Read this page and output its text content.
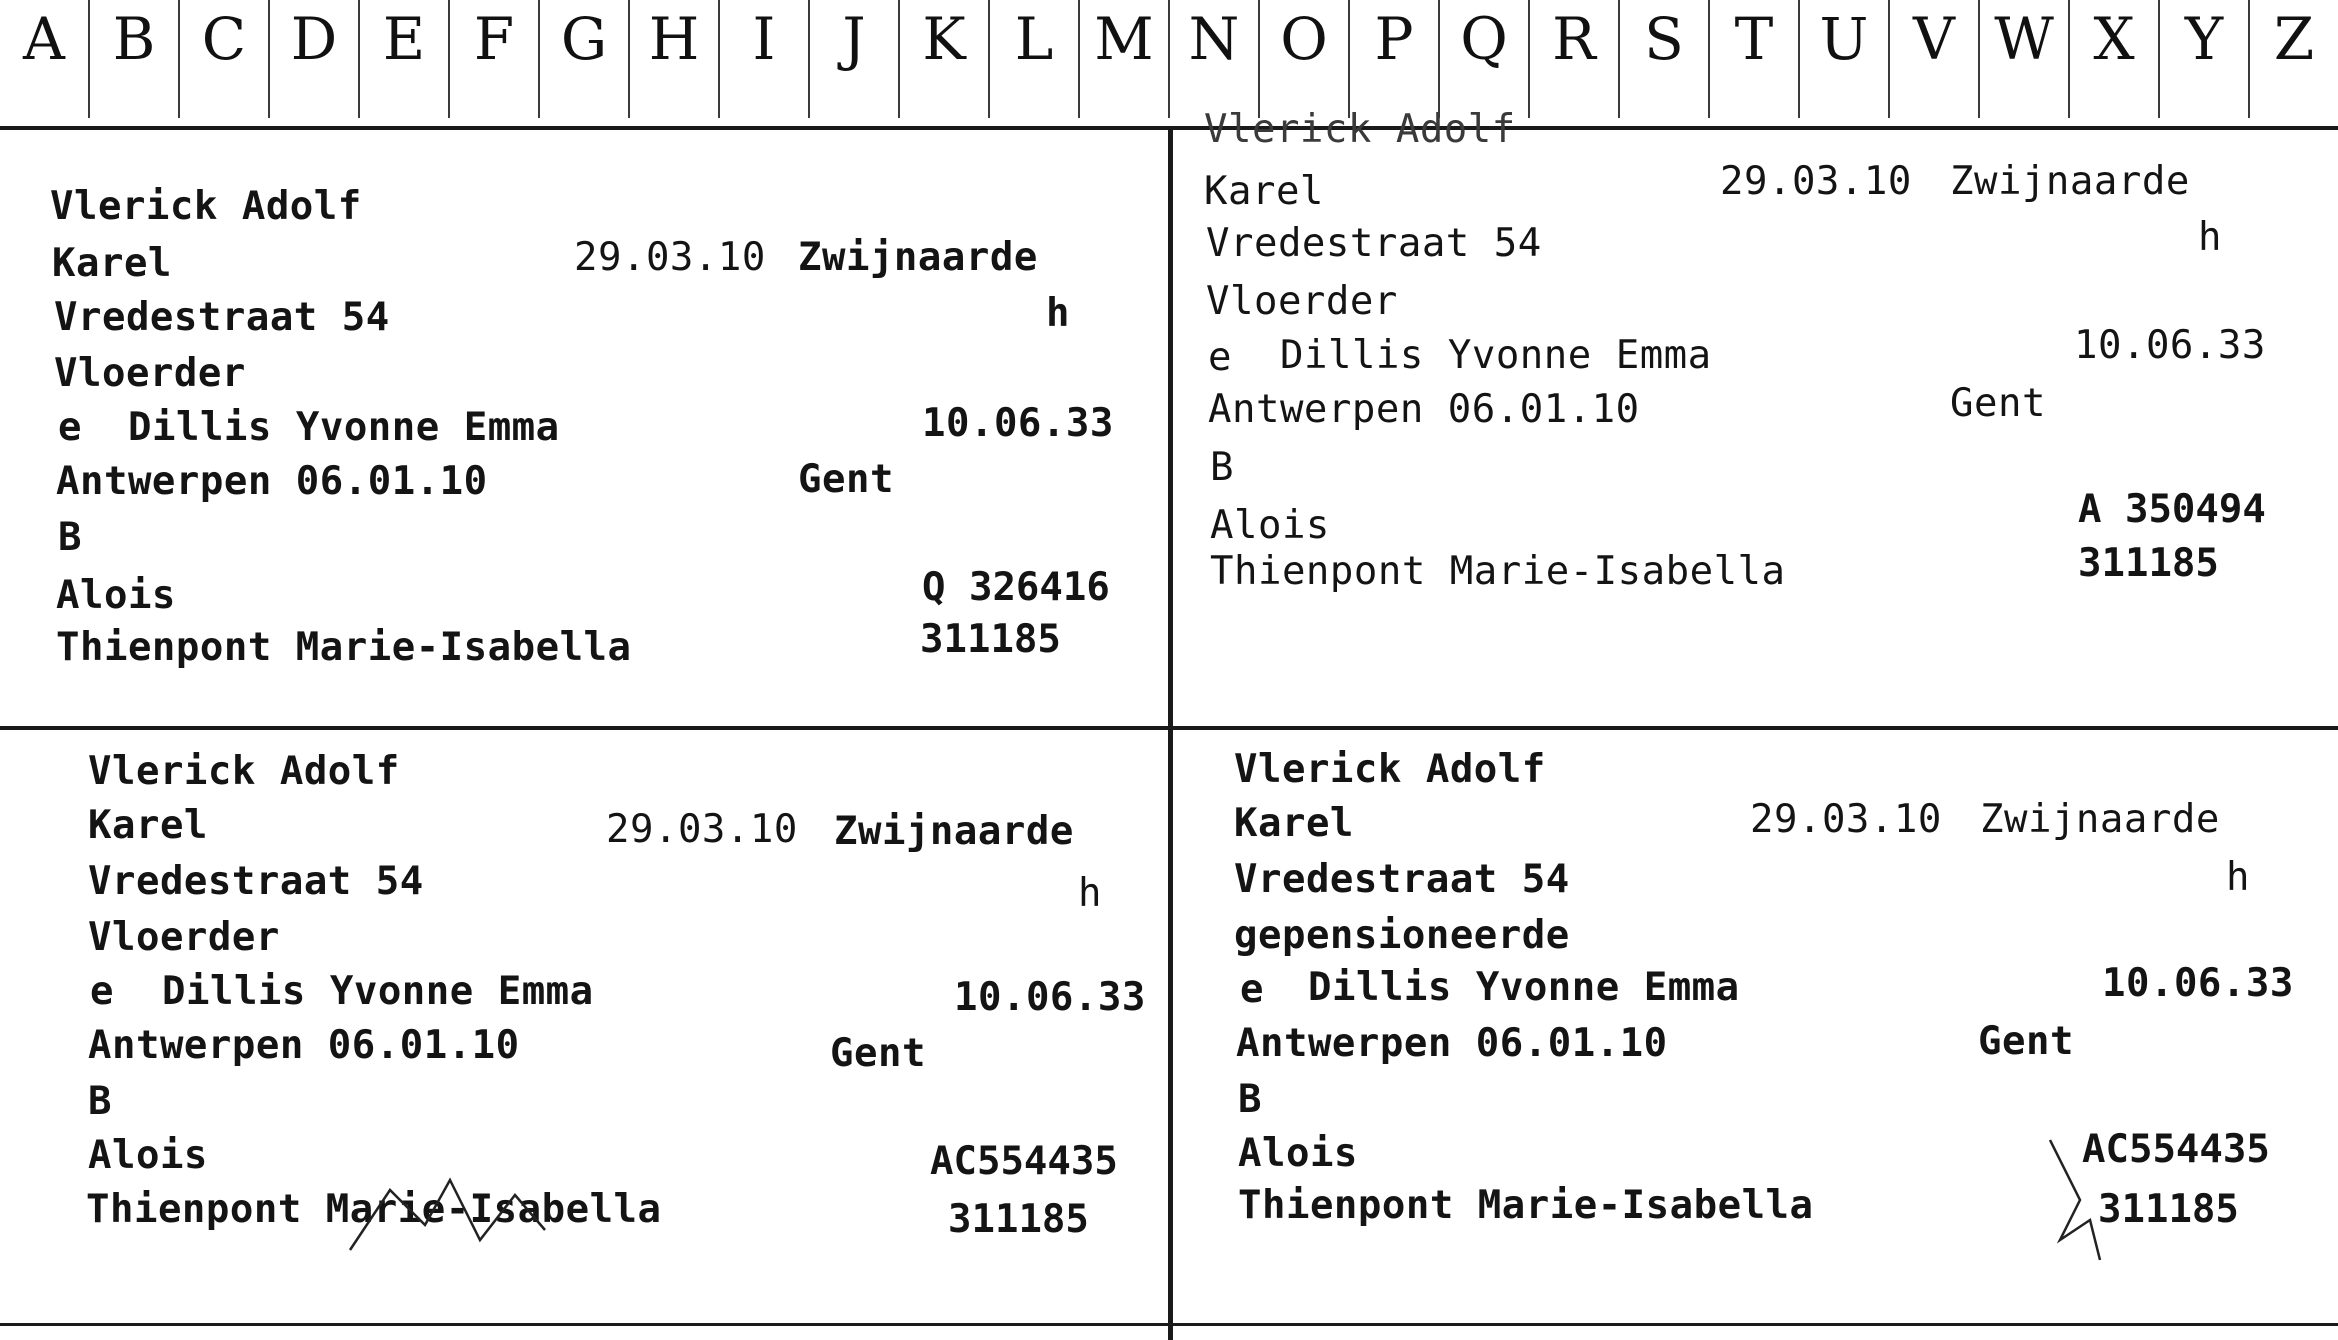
A B C D E F G H I	J K L M N O P Q R S T U V W X Y Z
Vlerick Adolf
Karel	29.03.10 Zwijnaarde
Vredestraat 54	h
Vloerder
e Dillis Yvonne Emma	10.06.33
Antwerpen 06.01.10	Gent
B
Alois	Q 326416
Thienpont Marie-Isabella	311185
Vlerick Adolf
Karel	29.03.10 Zwijnaarde
Vredestraat 54	h
Vloerder
e Dillis Yvonne Emma	10.06.33
Antwerpen 06.01.10	Gent
B
Alois	A 350494
Thienpont Marie-Isabella	311185
Vlerick Adolf
Karel	29.03.10 Zwijnaarde
Vredestraat 54	h
Vloerder
e Dillis Yvonne Emma	10.06.33
Antwerpen 06.01.10	Gent
B
Alois	AC554435
Thienpont Marie-Isabella	311185
Vlerick Adolf
Karel	29.03.10 Zwijnaarde
Vredestraat 54	h
gepensioneerde
e Dillis Yvonne Emma	10.06.33
Antwerpen 06.01.10	Gent
B
Alois	AC554435
Thienpont Marie-Isabella	311185
